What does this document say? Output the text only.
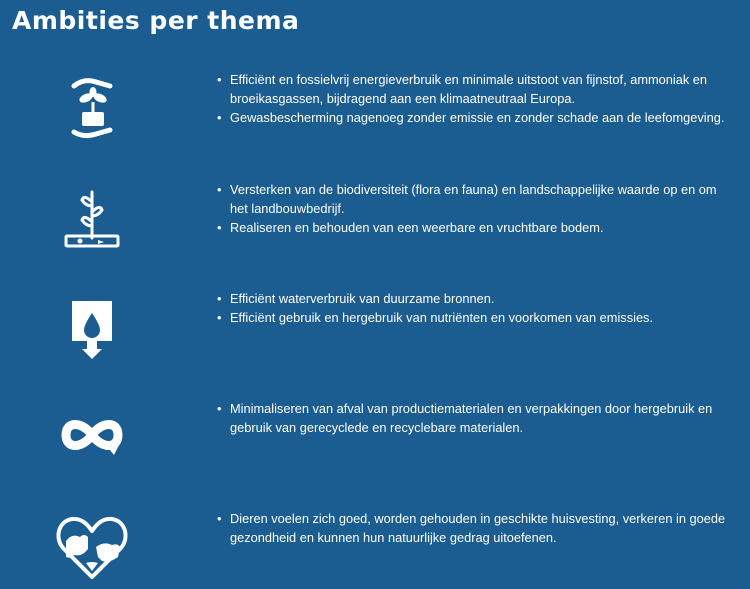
Ambities per thema
• Efficiënt en fossielvrij energieverbruik en minimale uitstoot van fijnstof, ammoniak en broeikasgassen, bijdragend aan een klimaatneutraal Europa.
• Gewasbescherming nagenoeg zonder emissie en zonder schade aan de leefomgeving.
• Versterken van de biodiversiteit (flora en fauna) en landschappelijke waarde op en om het landbouwbedrijf.
• Realiseren en behouden van een weerbare en vruchtbare bodem.
• Efficiënt waterverbruik van duurzame bronnen.
• Efficiënt gebruik en hergebruik van nutriënten en voorkomen van emissies.
• Minimaliseren van afval van productiematerialen en verpakkingen door hergebruik en gebruik van gerecyclede en recyclebare materialen.
• Dieren voelen zich goed, worden gehouden in geschikte huisvesting, verkeren in goede gezondheid en kunnen hun natuurlijke gedrag uitoefenen.
